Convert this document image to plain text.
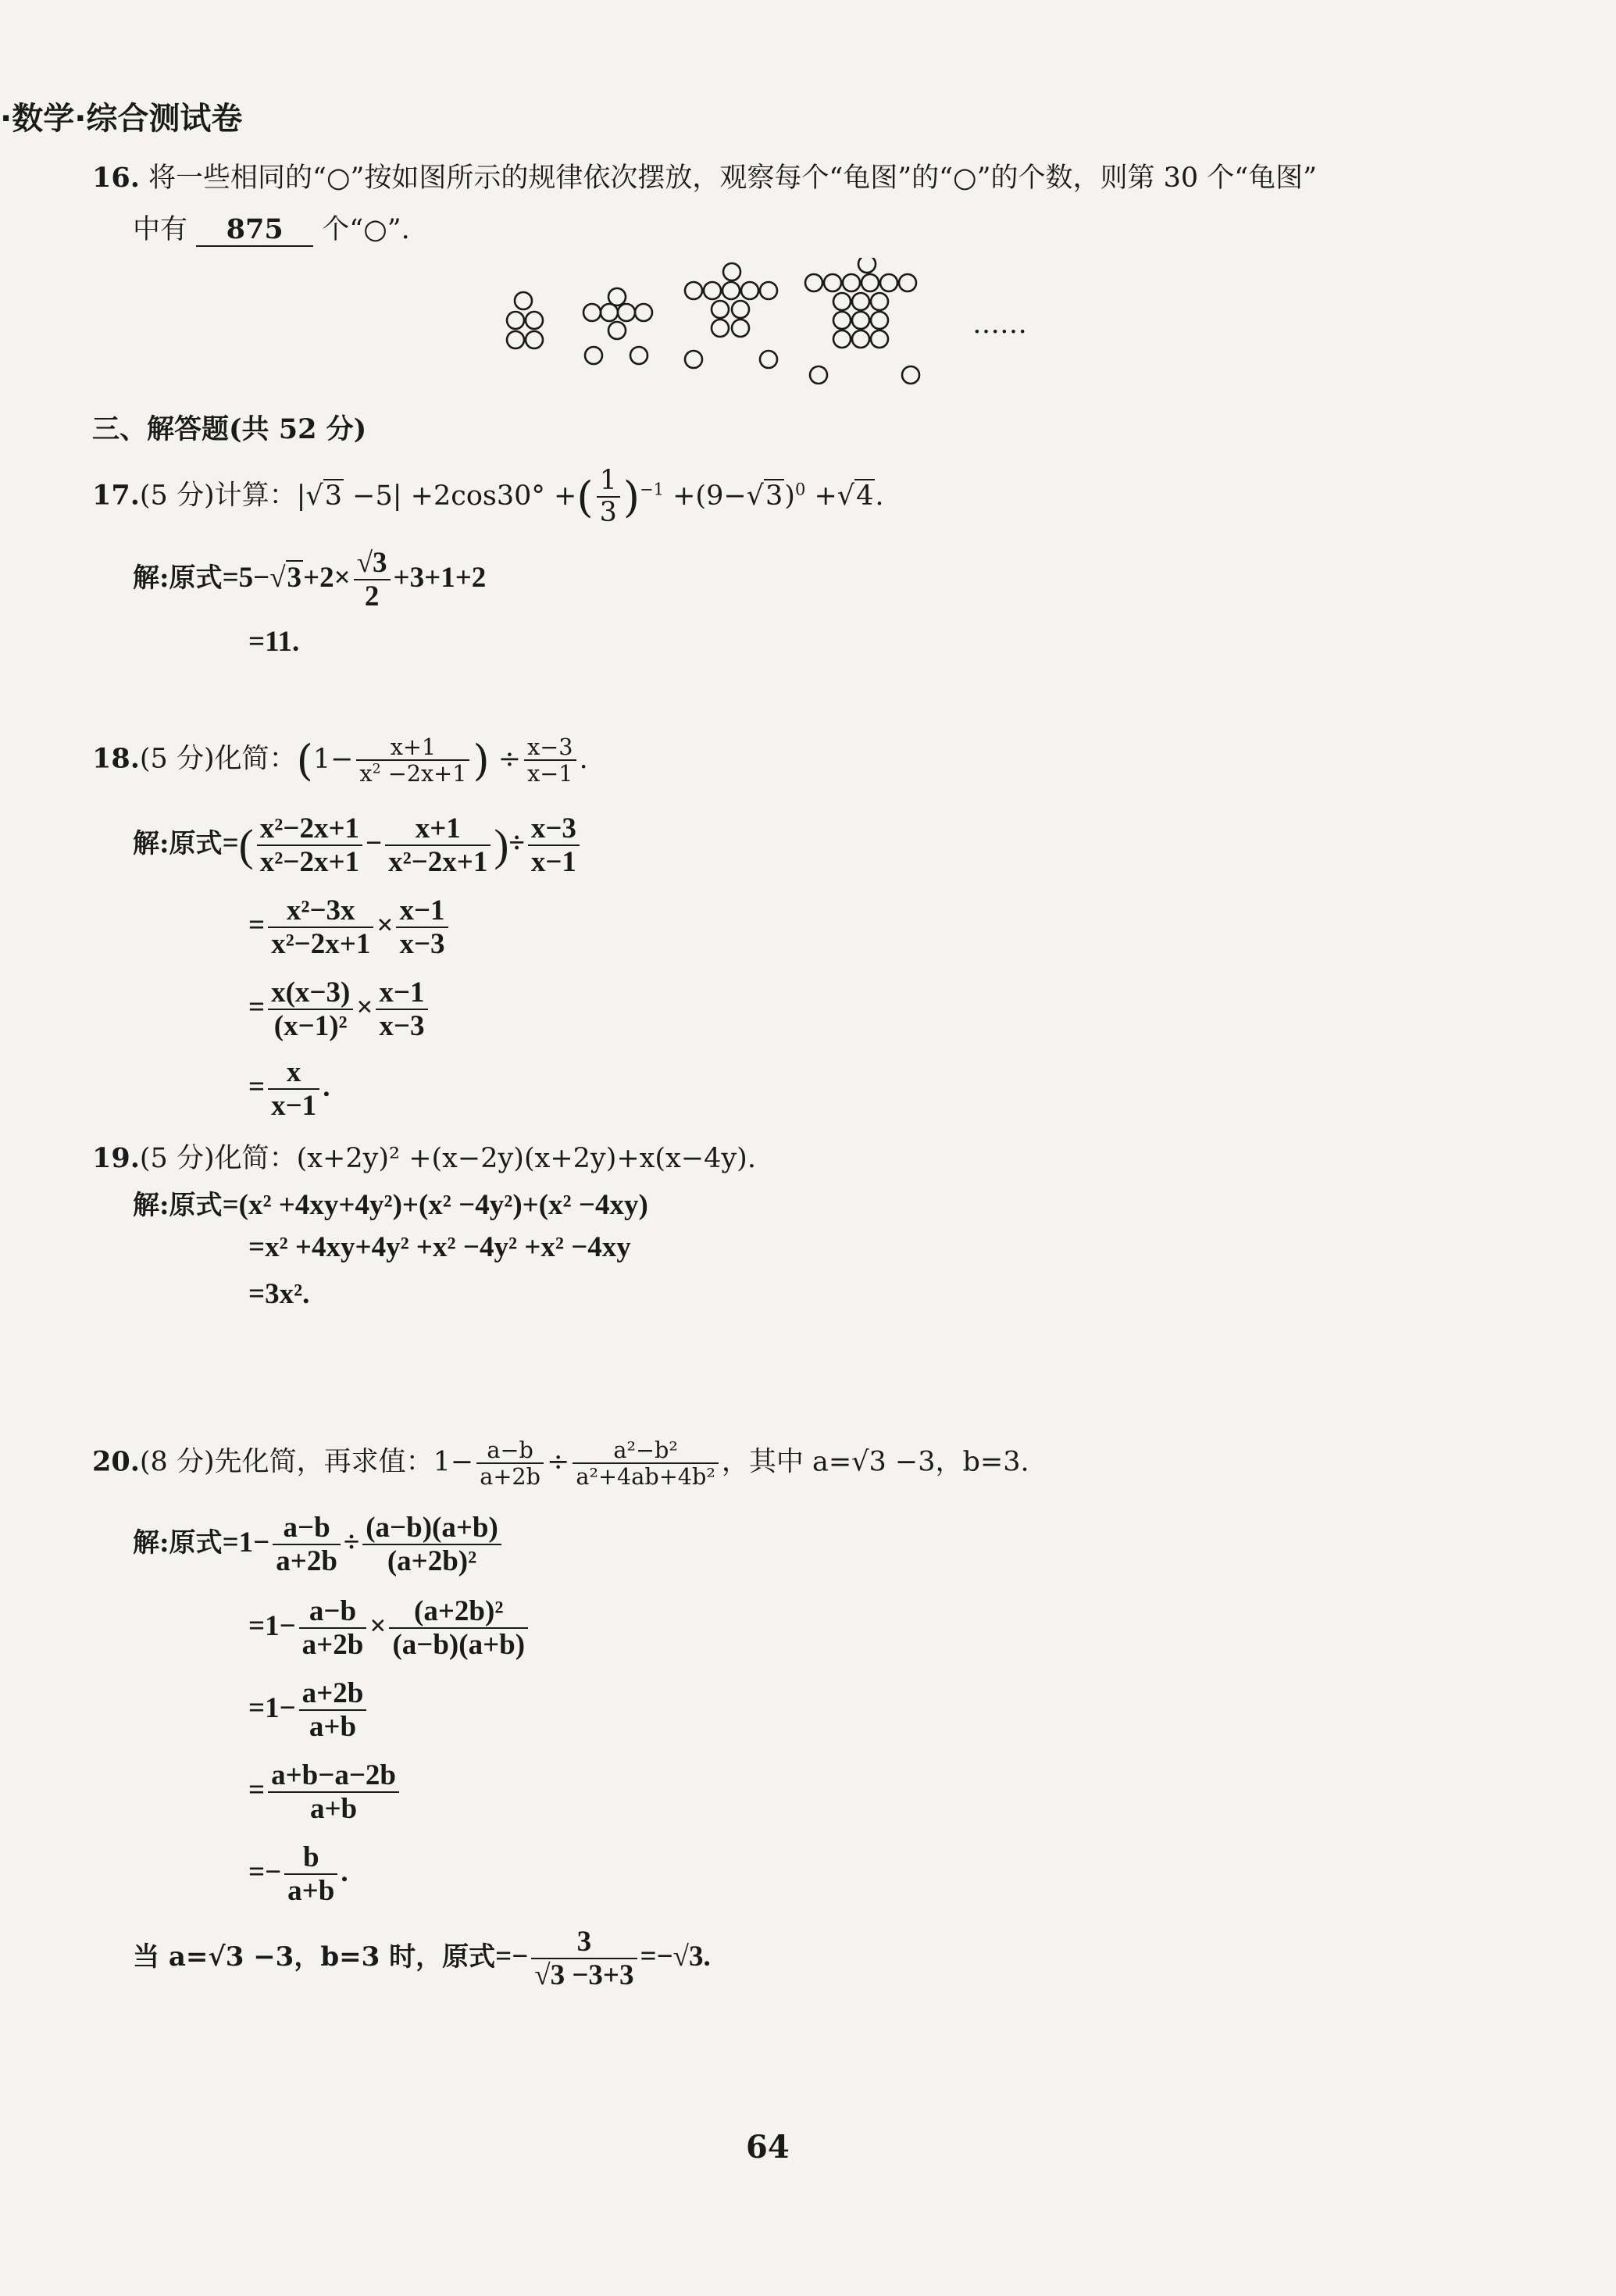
·数学·综合测试卷
16. 将一些相同的“○”按如图所示的规律依次摆放，观察每个“龟图”的“○”的个数，则第 30 个“龟图”
中有 875 个“○”.
……
三、解答题(共 52 分)
17.(5 分)计算：|√3 −5| +2cos30° +( $\frac{1}{3} )^{-1} +(9-√3)^0 +√4$.
解:原式$=5-√3+2\times \frac{√3}{2} +3+1+2$
=11.
18.(5 分)化简：($1- \frac{x+1}{x^2 -2x+1}$ ) ÷ $\frac{x-3}{x-1}$ .
解:原式=( $\frac{\text{x²−2x+1}}{\text{x²−2x+1}} - \frac{x+1}{\text{x²−2x+1}}$ )÷ $\frac{x-3}{x-1}$
= $\frac{\text{x²−3x}}{\text{x²−2x+1}} \times \frac{x-1}{x-3}$
= $\frac{x(x-3)}{\text{(x−1)²}} \times \frac{x-1}{x-3}$
= $\frac{x}{x-1}$ .
19.(5 分)化简：(x+2y)² +(x−2y)(x+2y)+x(x−4y).
解:原式=(x² +4xy+4y²)+(x² −4y²)+(x² −4xy)
=x² +4xy+4y² +x² −4y² +x² −4xy
=3x².
20.(8 分)先化简，再求值：$1- \frac{a-b}{a+2b} \div \frac{\text{a²−b²}}{\text{a²+4ab+4b²}}$ ，其中 a=√3 −3，b=3.
解:原式$=1- \frac{a-b}{a+2b} \div \frac{(a-b)(a+b)}{\text{(a+2b)²}}$
$=1- \frac{a-b}{a+2b} \times \frac{\text{(a+2b)²}}{(a-b)(a+b)}$
$=1- \frac{a+2b}{a+b}$
= $\frac{a+b-a-2b}{a+b}$
=− $\frac{b}{a+b}$ .
当 a=√3 −3，b=3 时，原式=− $\frac{3}{√3 -3+3} =-√3$.
64
